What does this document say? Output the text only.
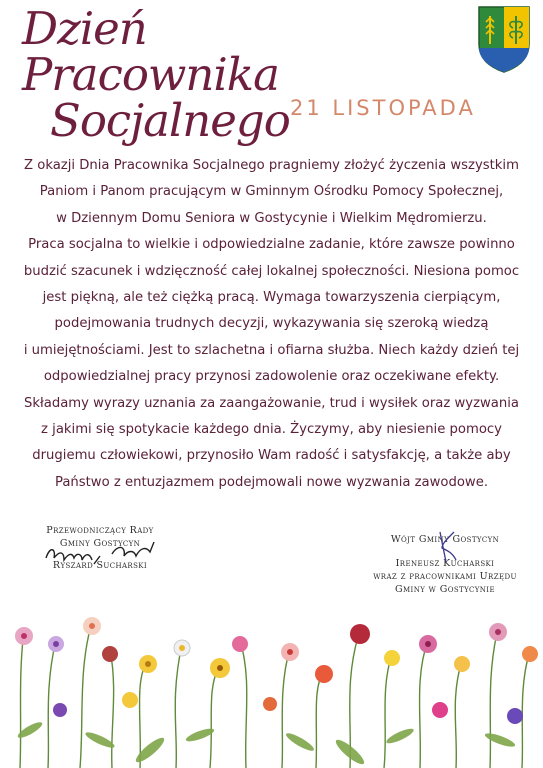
Dzień Pracownika
Socjalnego 21 LISTOPADA
Z okazji Dnia Pracownika Socjalnego pragniemy złożyć życzenia wszystkim
Paniom i Panom pracującym w Gminnym Ośrodku Pomocy Społecznej,
w Dziennym Domu Seniora w Gostycynie i Wielkim Mędromierzu.
Praca socjalna to wielkie i odpowiedzialne zadanie, które zawsze powinno
budzić szacunek i wdzięczność całej lokalnej społeczności. Niesiona pomoc
jest piękną, ale też ciężką pracą. Wymaga towarzyszenia cierpiącym,
podejmowania trudnych decyzji, wykazywania się szeroką wiedzą
i umiejętnościami. Jest to szlachetna i ofiarna służba. Niech każdy dzień tej
odpowiedzialnej pracy przynosi zadowolenie oraz oczekiwane efekty.
Składamy wyrazy uznania za zaangażowanie, trud i wysiłek oraz wyzwania
z jakimi się spotykacie każdego dnia. Życzymy, aby niesienie pomocy
drugiemu człowiekowi, przynosiło Wam radość i satysfakcję, a także aby
Państwo z entuzjazmem podejmowali nowe wyzwania zawodowe.
Przewodniczący Rady
Gminy Gostycyn
Ryszard Sucharski
Wójt Gminy Gostycyn
Ireneusz Kucharski
wraz z pracownikami Urzędu
Gminy w Gostycynie
